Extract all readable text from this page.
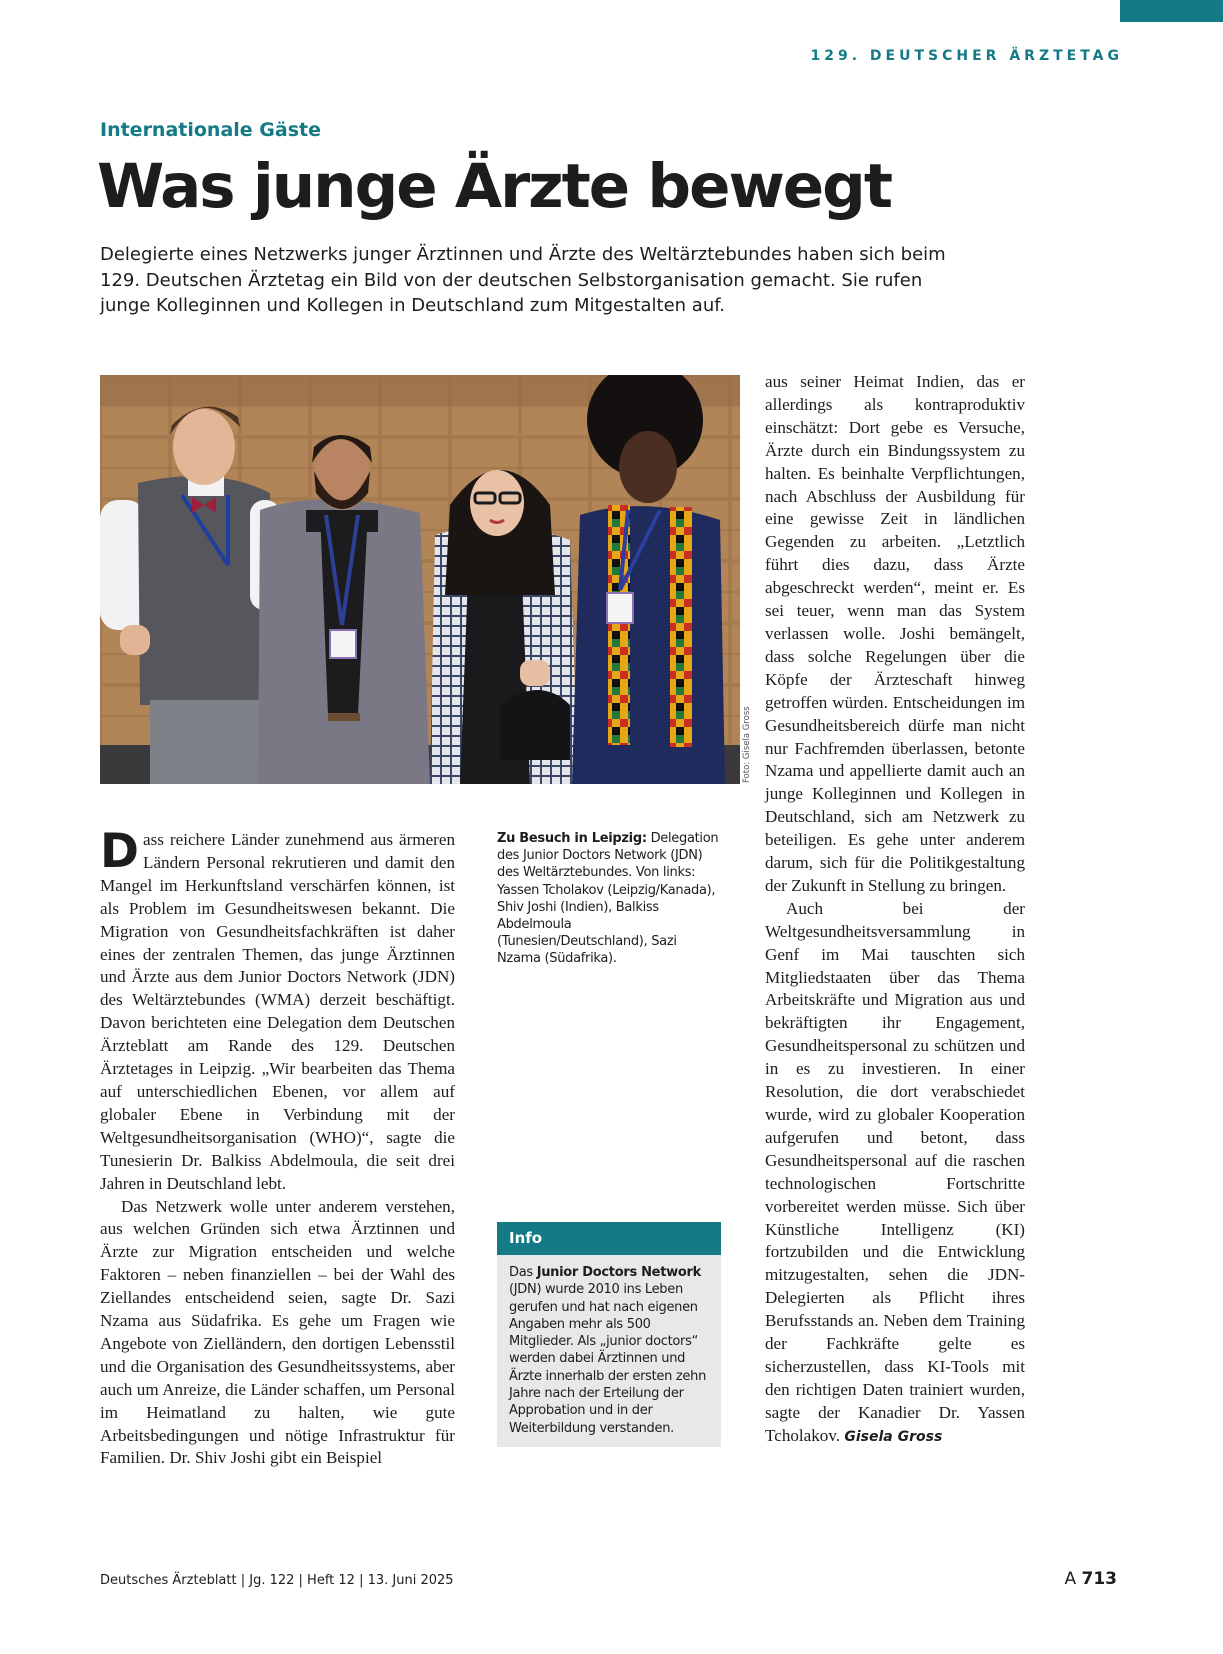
129. DEUTSCHER ÄRZTETAG
Internationale Gäste
Was junge Ärzte bewegt

Delegierte eines Netzwerks junger Ärztinnen und Ärzte des Weltärztebundes haben sich beim 129. Deutschen Ärztetag ein Bild von der deutschen Selbstorganisation gemacht. Sie rufen junge Kolleginnen und Kollegen in Deutschland zum Mitgestalten auf.

Foto: Gisela Gross

Dass reichere Länder zunehmend aus ärmeren Ländern Personal rekrutieren und damit den Mangel im Herkunftsland verschärfen können, ist als Problem im Gesundheitswesen bekannt. Die Migration von Gesundheitsfachkräften ist daher eines der zentralen Themen, das junge Ärztinnen und Ärzte aus dem Junior Doctors Network (JDN) des Weltärztebundes (WMA) derzeit beschäftigt. Davon berichteten eine Delegation dem Deutschen Ärzteblatt am Rande des 129. Deutschen Ärztetages in Leipzig. „Wir bearbeiten das Thema auf unterschiedlichen Ebenen, vor allem auf globaler Ebene in Verbindung mit der Weltgesundheitsorganisation (WHO)“, sagte die Tunesierin Dr. Balkiss Abdelmoula, die seit drei Jahren in Deutschland lebt.

Das Netzwerk wolle unter anderem verstehen, aus welchen Gründen sich etwa Ärztinnen und Ärzte zur Migration entscheiden und welche Faktoren – neben finanziellen – bei der Wahl des Ziellandes entscheidend seien, sagte Dr. Sazi Nzama aus Südafrika. Es gehe um Fragen wie Angebote von Zielländern, den dortigen Lebensstil und die Organisation des Gesundheitssystems, aber auch um Anreize, die Länder schaffen, um Personal im Heimatland zu halten, wie gute Arbeitsbedingungen und nötige Infrastruktur für Familien. Dr. Shiv Joshi gibt ein Beispiel

Zu Besuch in Leipzig: Delegation des Junior Doctors Network (JDN) des Weltärztebundes. Von links: Yassen Tcholakov (Leipzig/Kanada), Shiv Joshi (Indien), Balkiss Abdelmoula (Tunesien/Deutschland), Sazi Nzama (Südafrika).

Info

Das Junior Doctors Network (JDN) wurde 2010 ins Leben gerufen und hat nach eigenen Angaben mehr als 500 Mitglieder. Als „junior doctors“ werden dabei Ärztinnen und Ärzte innerhalb der ersten zehn Jahre nach der Erteilung der Approbation und in der Weiterbildung verstanden.

aus seiner Heimat Indien, das er allerdings als kontraproduktiv einschätzt: Dort gebe es Versuche, Ärzte durch ein Bindungssystem zu halten. Es beinhalte Verpflichtungen, nach Abschluss der Ausbildung für eine gewisse Zeit in ländlichen Gegenden zu arbeiten. „Letztlich führt dies dazu, dass Ärzte abgeschreckt werden“, meint er. Es sei teuer, wenn man das System verlassen wolle. Joshi bemängelt, dass solche Regelungen über die Köpfe der Ärzteschaft hinweg getroffen würden. Entscheidungen im Gesundheitsbereich dürfe man nicht nur Fachfremden überlassen, betonte Nzama und appellierte damit auch an junge Kolleginnen und Kollegen in Deutschland, sich am Netzwerk zu beteiligen. Es gehe unter anderem darum, sich für die Politikgestaltung der Zukunft in Stellung zu bringen.

Auch bei der Weltgesundheitsversammlung in Genf im Mai tauschten sich Mitgliedstaaten über das Thema Arbeitskräfte und Migration aus und bekräftigten ihr Engagement, Gesundheitspersonal zu schützen und in es zu investieren. In einer Resolution, die dort verabschiedet wurde, wird zu globaler Kooperation aufgerufen und betont, dass Gesundheitspersonal auf die raschen technologischen Fortschritte vorbereitet werden müsse. Sich über Künstliche Intelligenz (KI) fortzubilden und die Entwicklung mitzugestalten, sehen die JDN-Delegierten als Pflicht ihres Berufsstands an. Neben dem Training der Fachkräfte gelte es sicherzustellen, dass KI-Tools mit den richtigen Daten trainiert wurden, sagte der Kanadier Dr. Yassen Tcholakov. Gisela Gross

Deutsches Ärzteblatt | Jg. 122 | Heft 12 | 13. Juni 2025	A 713
